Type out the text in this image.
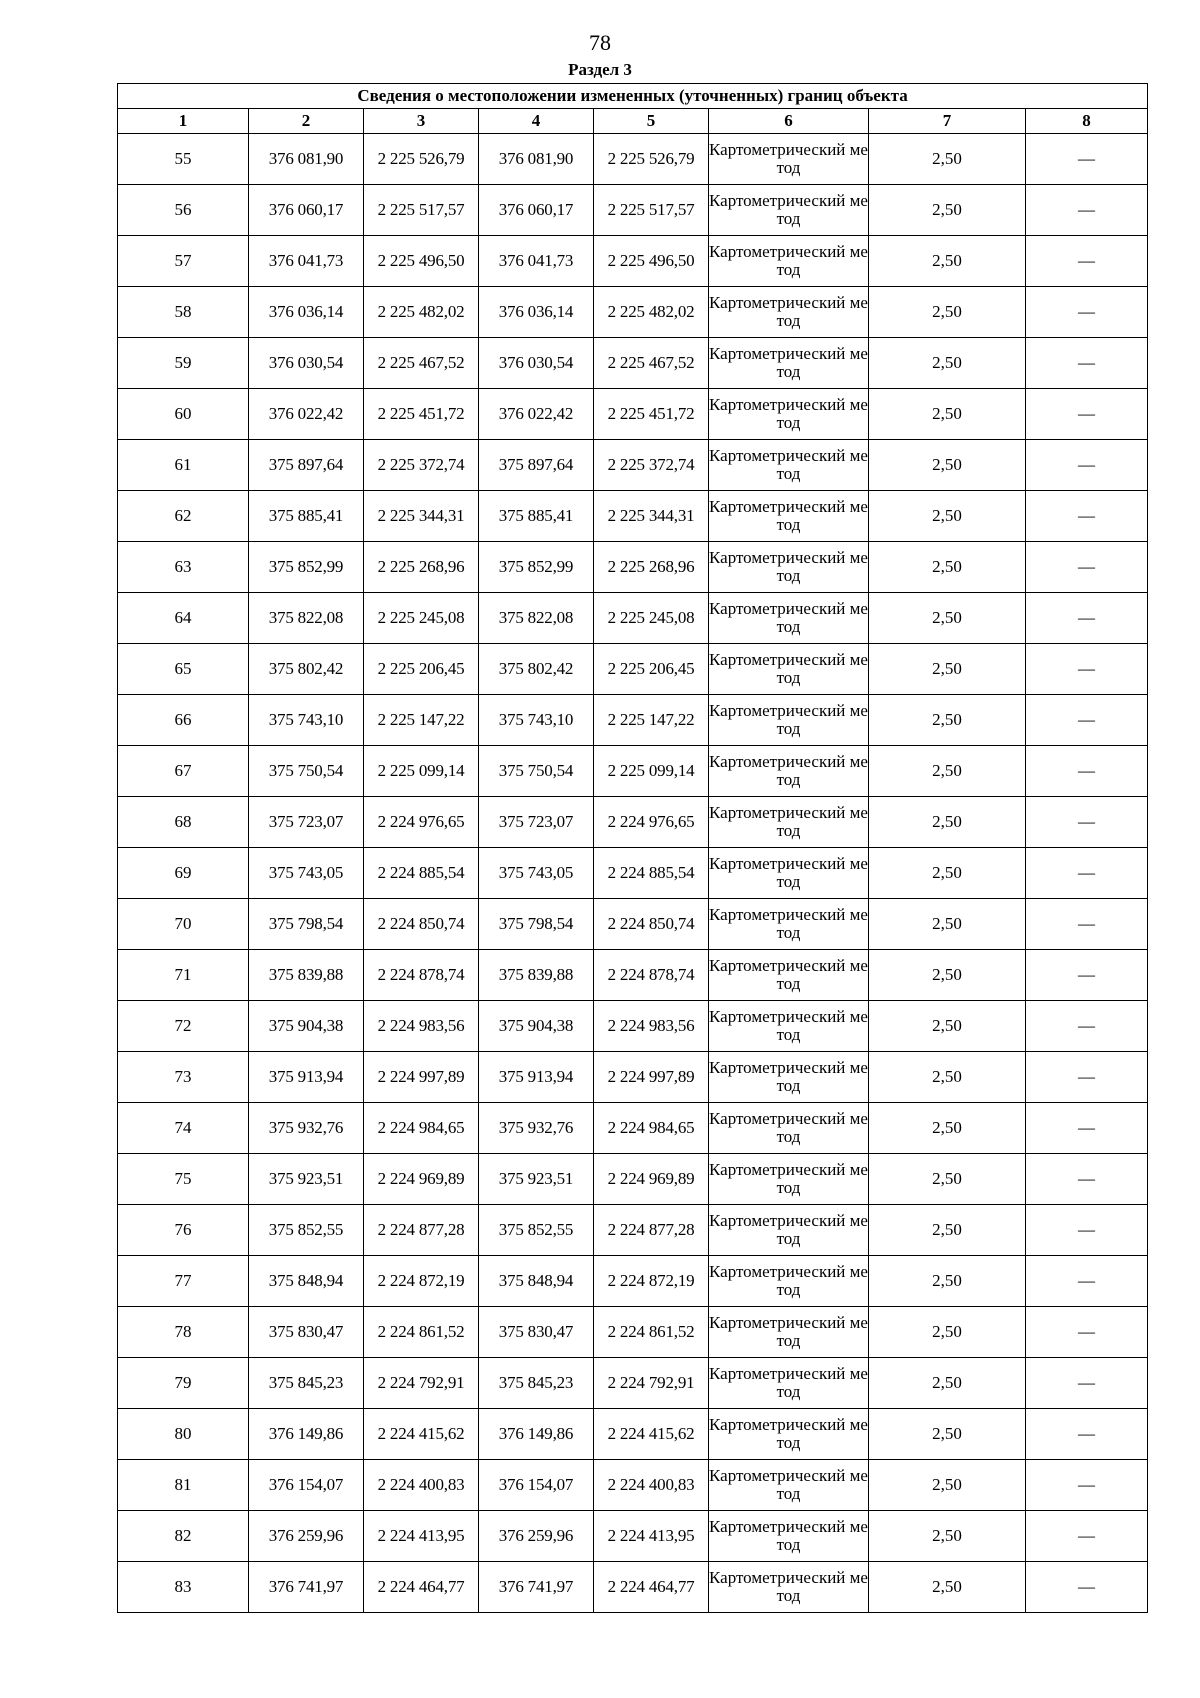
78
Раздел 3
Сведения о местоположении измененных (уточненных) границ объекта							
1	2	3	4	5	6	7	8
55	376 081,90	2 225 526,79	376 081,90	2 225 526,79	Картометрический метод	2,50	—
56	376 060,17	2 225 517,57	376 060,17	2 225 517,57	Картометрический метод	2,50	—
57	376 041,73	2 225 496,50	376 041,73	2 225 496,50	Картометрический метод	2,50	—
58	376 036,14	2 225 482,02	376 036,14	2 225 482,02	Картометрический метод	2,50	—
59	376 030,54	2 225 467,52	376 030,54	2 225 467,52	Картометрический метод	2,50	—
60	376 022,42	2 225 451,72	376 022,42	2 225 451,72	Картометрический метод	2,50	—
61	375 897,64	2 225 372,74	375 897,64	2 225 372,74	Картометрический метод	2,50	—
62	375 885,41	2 225 344,31	375 885,41	2 225 344,31	Картометрический метод	2,50	—
63	375 852,99	2 225 268,96	375 852,99	2 225 268,96	Картометрический метод	2,50	—
64	375 822,08	2 225 245,08	375 822,08	2 225 245,08	Картометрический метод	2,50	—
65	375 802,42	2 225 206,45	375 802,42	2 225 206,45	Картометрический метод	2,50	—
66	375 743,10	2 225 147,22	375 743,10	2 225 147,22	Картометрический метод	2,50	—
67	375 750,54	2 225 099,14	375 750,54	2 225 099,14	Картометрический метод	2,50	—
68	375 723,07	2 224 976,65	375 723,07	2 224 976,65	Картометрический метод	2,50	—
69	375 743,05	2 224 885,54	375 743,05	2 224 885,54	Картометрический метод	2,50	—
70	375 798,54	2 224 850,74	375 798,54	2 224 850,74	Картометрический метод	2,50	—
71	375 839,88	2 224 878,74	375 839,88	2 224 878,74	Картометрический метод	2,50	—
72	375 904,38	2 224 983,56	375 904,38	2 224 983,56	Картометрический метод	2,50	—
73	375 913,94	2 224 997,89	375 913,94	2 224 997,89	Картометрический метод	2,50	—
74	375 932,76	2 224 984,65	375 932,76	2 224 984,65	Картометрический метод	2,50	—
75	375 923,51	2 224 969,89	375 923,51	2 224 969,89	Картометрический метод	2,50	—
76	375 852,55	2 224 877,28	375 852,55	2 224 877,28	Картометрический метод	2,50	—
77	375 848,94	2 224 872,19	375 848,94	2 224 872,19	Картометрический метод	2,50	—
78	375 830,47	2 224 861,52	375 830,47	2 224 861,52	Картометрический метод	2,50	—
79	375 845,23	2 224 792,91	375 845,23	2 224 792,91	Картометрический метод	2,50	—
80	376 149,86	2 224 415,62	376 149,86	2 224 415,62	Картометрический метод	2,50	—
81	376 154,07	2 224 400,83	376 154,07	2 224 400,83	Картометрический метод	2,50	—
82	376 259,96	2 224 413,95	376 259,96	2 224 413,95	Картометрический метод	2,50	—
83	376 741,97	2 224 464,77	376 741,97	2 224 464,77	Картометрический метод	2,50	—
